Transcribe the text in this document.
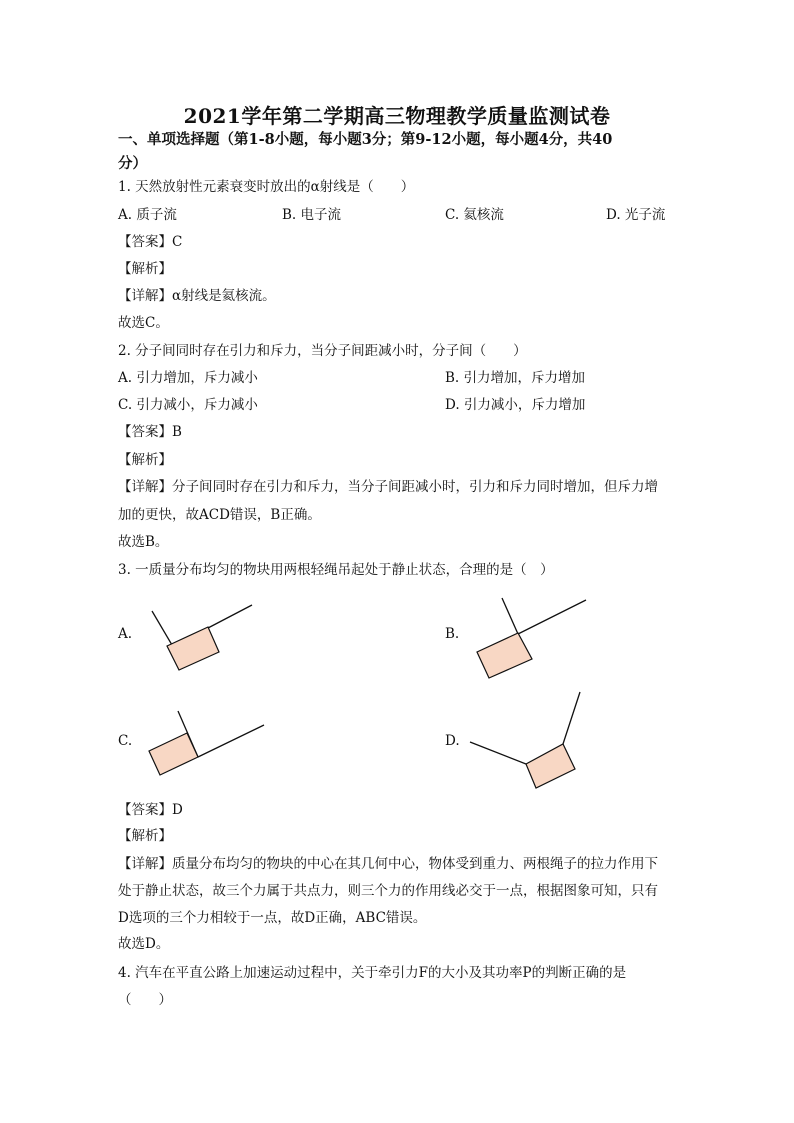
2021学年第二学期高三物理教学质量监测试卷
一、单项选择题（第1-8小题，每小题3分；第9-12小题，每小题4分，共40
分）
1. 天然放射性元素衰变时放出的α射线是（　　）
A. 质子流	B. 电子流	C. 氦核流	D. 光子流
【答案】C
【解析】
【详解】α射线是氦核流。
故选C。
2. 分子间同时存在引力和斥力，当分子间距减小时，分子间（　　）
A. 引力增加，斥力减小	B. 引力增加，斥力增加
C. 引力减小，斥力减小	D. 引力减小，斥力增加
【答案】B
【解析】
【详解】分子间同时存在引力和斥力，当分子间距减小时，引力和斥力同时增加，但斥力增
加的更快，故ACD错误，B正确。
故选B。
3. 一质量分布均匀的物块用两根轻绳吊起处于静止状态，合理的是（　）
A.	B.
C.	D.
【答案】D
【解析】
【详解】质量分布均匀的物块的中心在其几何中心，物体受到重力、两根绳子的拉力作用下
处于静止状态，故三个力属于共点力，则三个力的作用线必交于一点，根据图象可知，只有
D选项的三个力相较于一点，故D正确，ABC错误。
故选D。
4. 汽车在平直公路上加速运动过程中，关于牵引力F的大小及其功率P的判断正确的是
（　　）
